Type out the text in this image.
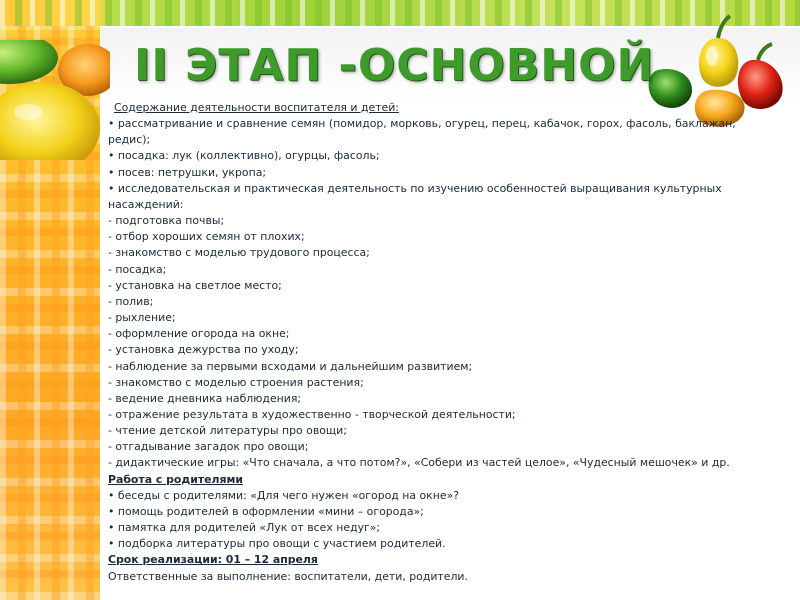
II ЭТАП -ОСНОВНОЙ
Содержание деятельности воспитателя и детей:
• рассматривание и сравнение семян (помидор, морковь, огурец, перец, кабачок, горох, фасоль, баклажан, редис);
• посадка: лук (коллективно), огурцы, фасоль;
• посев: петрушки, укропа;
• исследовательская и практическая деятельность по изучению особенностей выращивания культурных насаждений:
- подготовка почвы;
- отбор хороших семян от плохих;
- знакомство с моделью трудового процесса;
- посадка;
- установка на светлое место;
- полив;
- рыхление;
- оформление огорода на окне;
- установка дежурства по уходу;
- наблюдение за первыми всходами и дальнейшим развитием;
- знакомство с моделью строения растения;
- ведение дневника наблюдения;
- отражение результата в художественно - творческой деятельности;
- чтение детской литературы про овощи;
- отгадывание загадок про овощи;
- дидактические игры: «Что сначала, а что потом?», «Собери из частей целое», «Чудесный мешочек» и др.
Работа с родителями
• беседы с родителями: «Для чего нужен «огород на окне»?
• помощь родителей в оформлении «мини – огорода»;
• памятка для родителей «Лук от всех недуг»;
• подборка литературы про овощи с участием родителей.
Срок реализации: 01 – 12 апреля
Ответственные за выполнение: воспитатели, дети, родители.
